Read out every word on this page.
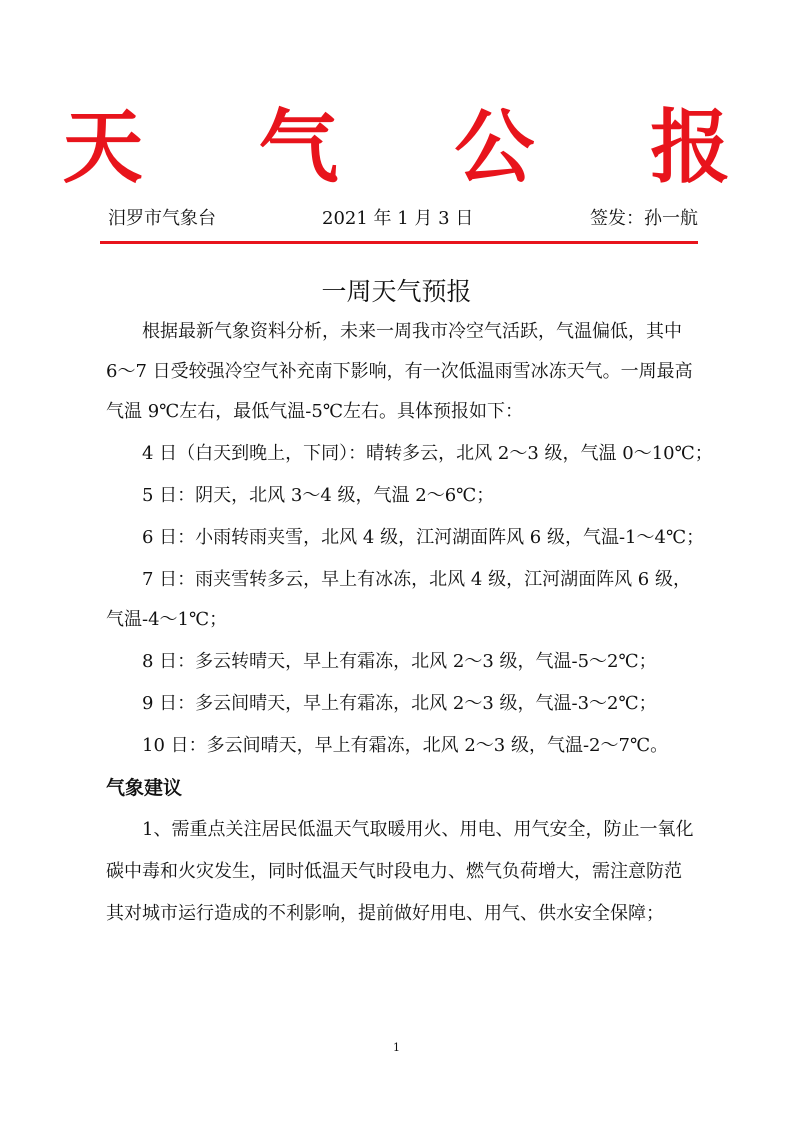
天 气 公 报
汨罗市气象台	2021 年 1 月 3 日	签发：孙一航
一周天气预报

根据最新气象资料分析，未来一周我市冷空气活跃，气温偏低，其中

6～7 日受较强冷空气补充南下影响，有一次低温雨雪冰冻天气。一周最高

气温 9℃左右，最低气温-5℃左右。具体预报如下：

4 日（白天到晚上，下同）：晴转多云，北风 2～3 级，气温 0～10℃；

5 日：阴天，北风 3～4 级，气温 2～6℃；

6 日：小雨转雨夹雪，北风 4 级，江河湖面阵风 6 级，气温-1～4℃；

7 日：雨夹雪转多云，早上有冰冻，北风 4 级，江河湖面阵风 6 级，

气温-4～1℃；

8 日：多云转晴天，早上有霜冻，北风 2～3 级，气温-5～2℃；

9 日：多云间晴天，早上有霜冻，北风 2～3 级，气温-3～2℃；

10 日：多云间晴天，早上有霜冻，北风 2～3 级，气温-2～7℃。

气象建议

1、需重点关注居民低温天气取暖用火、用电、用气安全，防止一氧化

碳中毒和火灾发生，同时低温天气时段电力、燃气负荷增大，需注意防范

其对城市运行造成的不利影响，提前做好用电、用气、供水安全保障；

1
